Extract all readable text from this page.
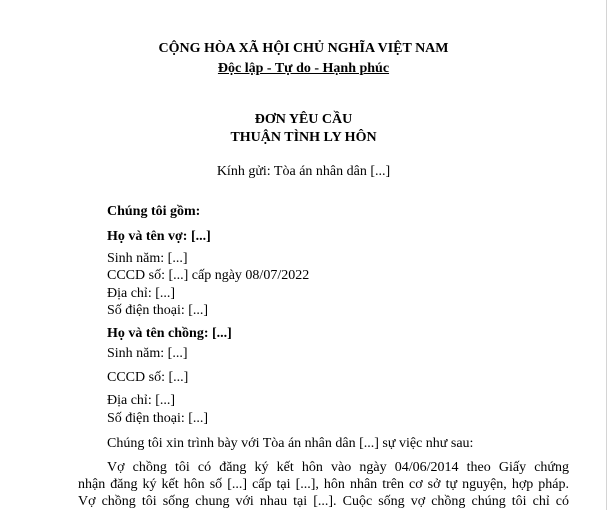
CỘNG HÒA XÃ HỘI CHỦ NGHĨA VIỆT NAM
Độc lập - Tự do - Hạnh phúc
ĐƠN YÊU CẦU
THUẬN TÌNH LY HÔN
Kính gửi: Tòa án nhân dân [...]
Chúng tôi gồm:
Họ và tên vợ: [...]
Sinh năm: [...]
CCCD số: [...] cấp ngày 08/07/2022
Địa chỉ: [...]
Số điện thoại: [...]
Họ và tên chồng: [...]
Sinh năm: [...]
CCCD số: [...]
Địa chỉ: [...]
Số điện thoại: [...]
Chúng tôi xin trình bày với Tòa án nhân dân [...] sự việc như sau:
Vợ chồng tôi có đăng ký kết hôn vào ngày 04/06/2014 theo Giấy chứng
nhận đăng ký kết hôn số [...] cấp tại [...], hôn nhân trên cơ sở tự nguyện, hợp pháp.
Vợ chồng tôi sống chung với nhau tại [...]. Cuộc sống vợ chồng chúng tôi chỉ có
